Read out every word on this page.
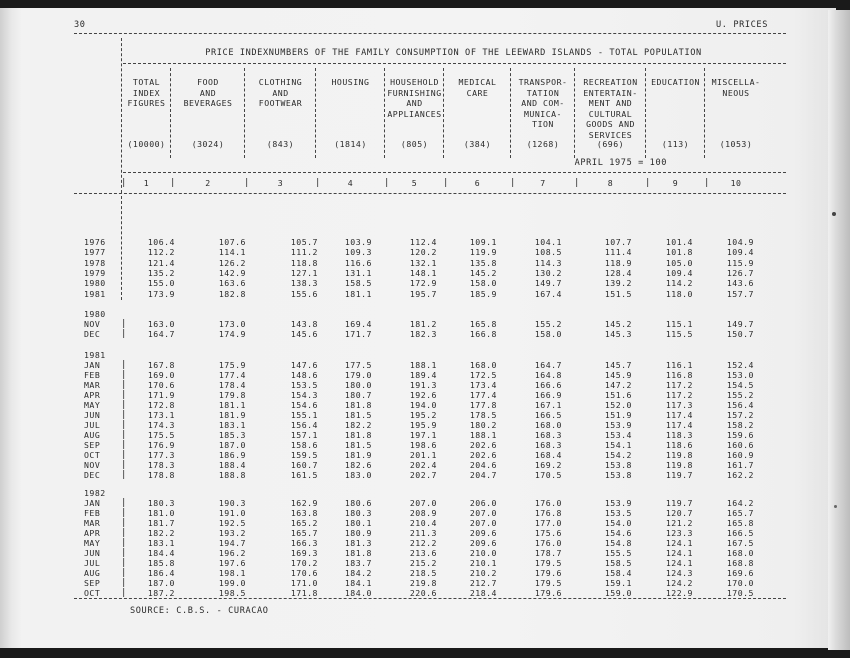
30	U. PRICES
PRICE INDEXNUMBERS OF THE FAMILY CONSUMPTION OF THE LEEWARD ISLANDS - TOTAL POPULATION
TOTAL
INDEX
FIGURES
(10000)
FOOD
AND
BEVERAGES
(3024)
CLOTHING
AND
FOOTWEAR
(843)
HOUSING
(1814)
HOUSEHOLD
FURNISHING
AND
APPLIANCES
(805)
MEDICAL
CARE
(384)
TRANSPOR-
TATION
AND COM-
MUNICA-
TION
(1268)
RECREATION
ENTERTAIN-
MENT AND
CULTURAL
GOODS AND
SERVICES
(696)
EDUCATION
(113)
MISCELLA-
NEOUS
(1053)
APRIL 1975 = 100
|	1	|	2	|	3	|	4	|	5	|	6	|	7	|	8	|	9	|	10
1976	106.4	107.6	105.7	103.9	112.4	109.1	104.1	107.7	101.4	104.9
1977	112.2	114.1	111.2	109.3	120.2	119.9	108.5	111.4	101.8	109.4
1978	121.4	126.2	118.8	116.6	132.1	135.8	114.3	118.9	105.0	115.9
1979	135.2	142.9	127.1	131.1	148.1	145.2	130.2	128.4	109.4	126.7
1980	155.0	163.6	138.3	158.5	172.9	158.0	149.7	139.2	114.2	143.6
1981	173.9	182.8	155.6	181.1	195.7	185.9	167.4	151.5	118.0	157.7
1980
NOV |	163.0	173.0	143.8	169.4	181.2	165.8	155.2	145.2	115.1	149.7
DEC |	164.7	174.9	145.6	171.7	182.3	166.8	158.0	145.3	115.5	150.7
1981
JAN |	167.8	175.9	147.6	177.5	188.1	168.0	164.7	145.7	116.1	152.4
FEB |	169.0	177.4	148.6	179.0	189.4	172.5	164.8	145.9	116.8	153.0
MAR |	170.6	178.4	153.5	180.0	191.3	173.4	166.6	147.2	117.2	154.5
APR |	171.9	179.8	154.3	180.7	192.6	177.4	166.9	151.6	117.2	155.2
MAY |	172.8	181.1	154.6	181.8	194.0	177.8	167.1	152.0	117.3	156.4
JUN |	173.1	181.9	155.1	181.5	195.2	178.5	166.5	151.9	117.4	157.2
JUL |	174.3	183.1	156.4	182.2	195.9	180.2	168.0	153.9	117.4	158.2
AUG |	175.5	185.3	157.1	181.8	197.1	188.1	168.3	153.4	118.3	159.6
SEP |	176.9	187.0	158.6	181.5	198.6	202.6	168.3	154.1	118.6	160.6
OCT |	177.3	186.9	159.5	181.9	201.1	202.6	168.4	154.2	119.8	160.9
NOV |	178.3	188.4	160.7	182.6	202.4	204.6	169.2	153.8	119.8	161.7
DEC |	178.8	188.8	161.5	183.0	202.7	204.7	170.5	153.8	119.7	162.2
1982
JAN |	180.3	190.3	162.9	180.6	207.0	206.0	176.0	153.9	119.7	164.2
FEB |	181.0	191.0	163.8	180.3	208.9	207.0	176.8	153.5	120.7	165.7
MAR |	181.7	192.5	165.2	180.1	210.4	207.0	177.0	154.0	121.2	165.8
APR |	182.2	193.2	165.7	180.9	211.3	209.6	175.6	154.6	123.3	166.5
MAY |	183.1	194.7	166.3	181.3	212.2	209.6	176.0	154.8	124.1	167.5
JUN |	184.4	196.2	169.3	181.8	213.6	210.0	178.7	155.5	124.1	168.0
JUL |	185.8	197.6	170.2	183.7	215.2	210.1	179.5	158.5	124.1	168.8
AUG |	186.4	198.1	170.6	184.2	218.5	210.2	179.6	158.4	124.3	169.6
SEP |	187.0	199.0	171.0	184.1	219.8	212.7	179.5	159.1	124.2	170.0
OCT |	187.2	198.5	171.8	184.0	220.6	218.4	179.6	159.0	122.9	170.5
SOURCE: C.B.S. - CURACAO
